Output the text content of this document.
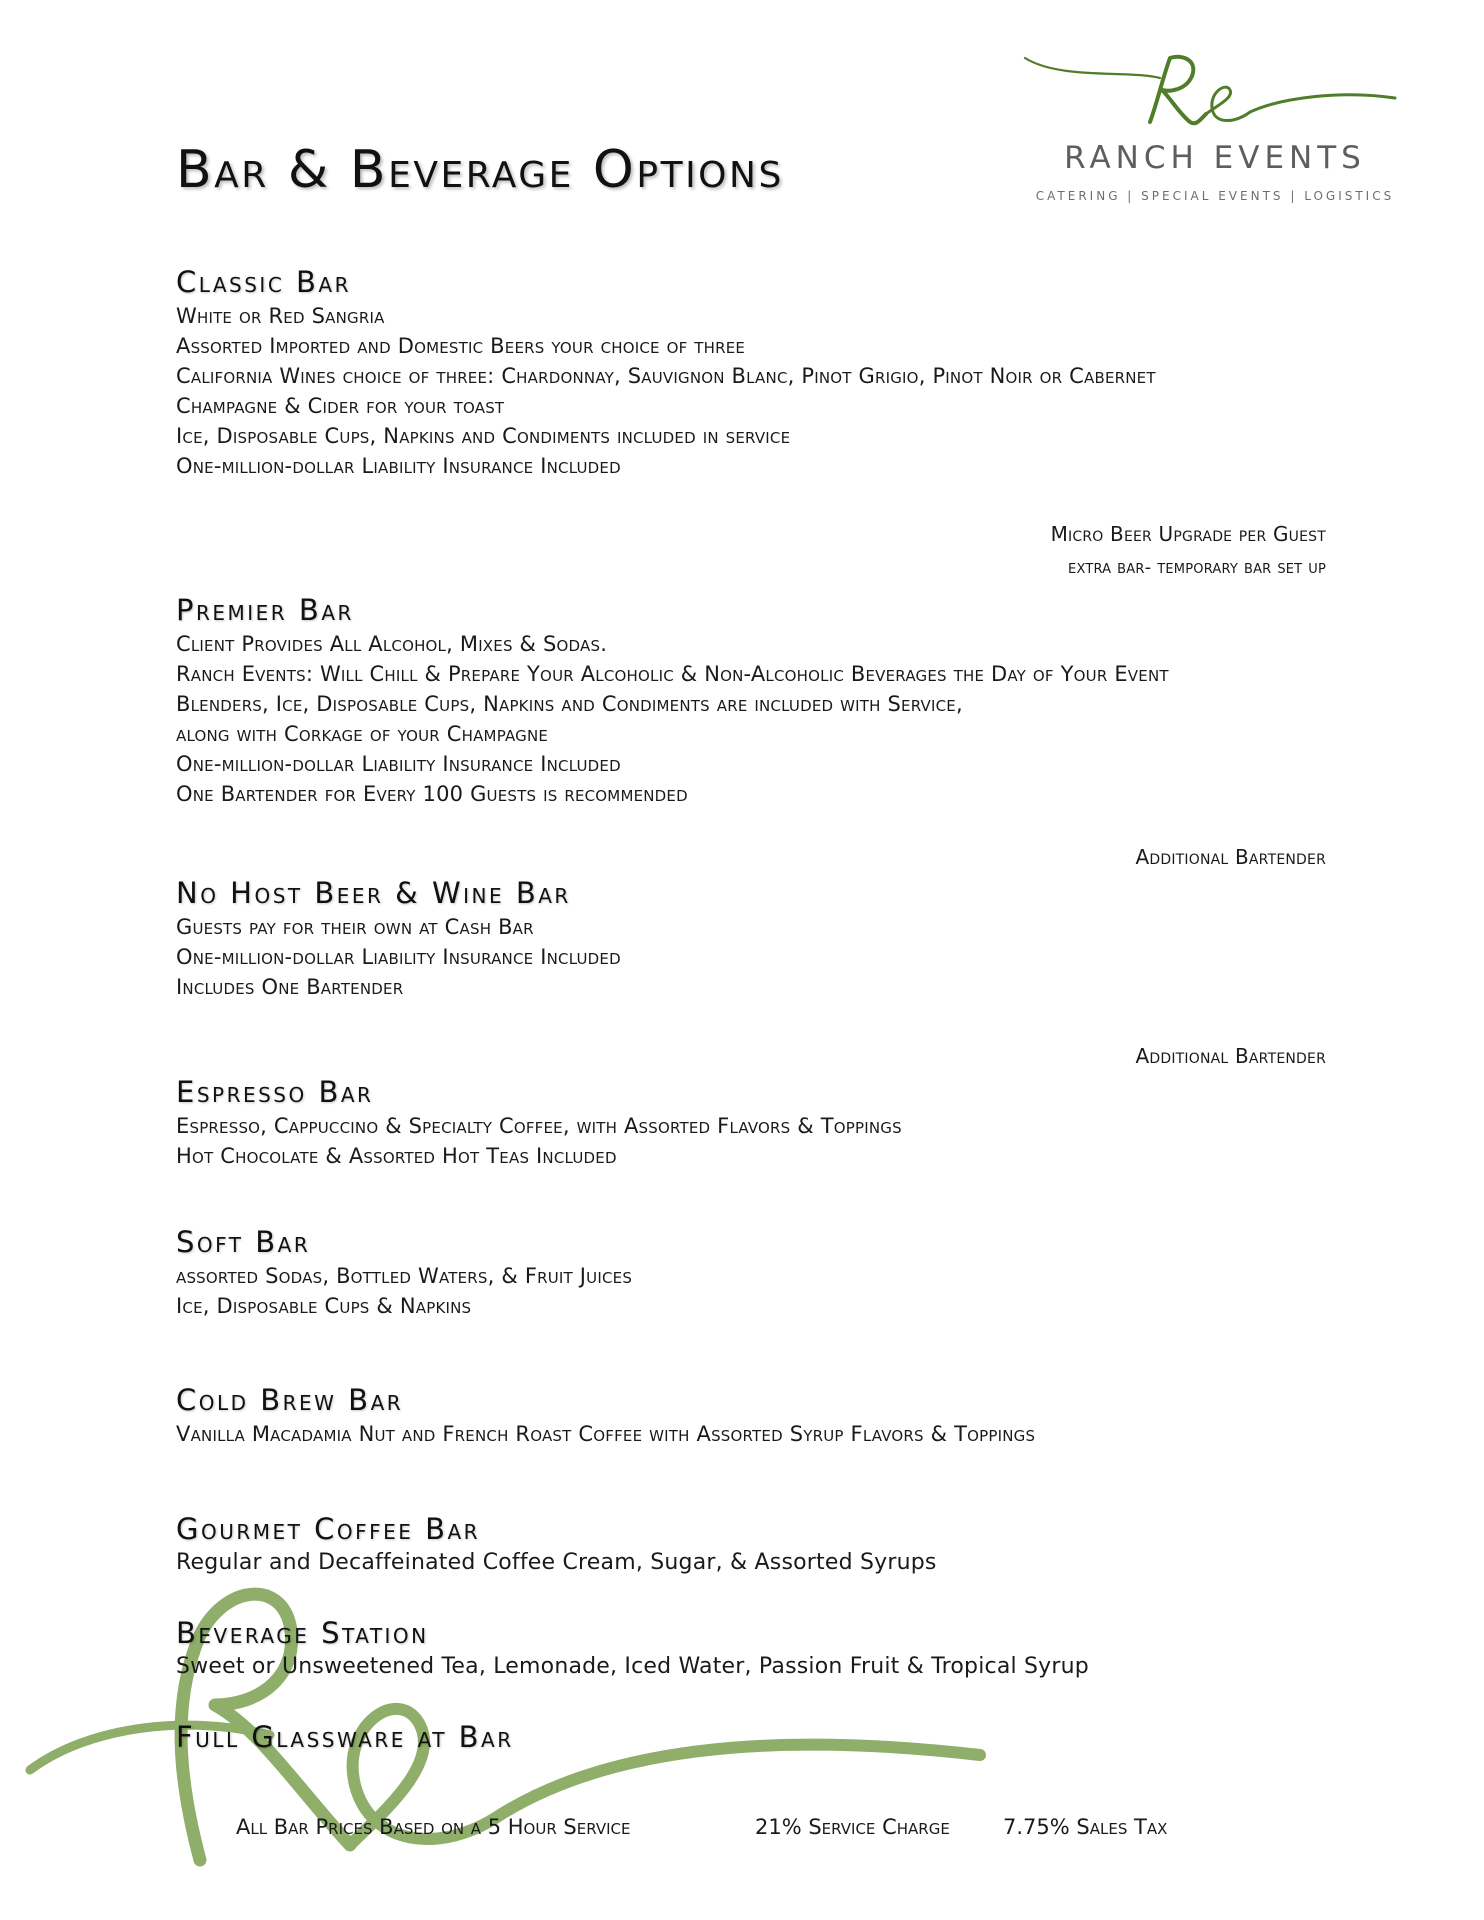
Bar & Beverage Options	RANCH EVENTS
CATERING | SPECIAL EVENTS | LOGISTICS
Classic Bar
White or Red Sangria
Assorted Imported and Domestic Beers your choice of three
California Wines choice of three: Chardonnay, Sauvignon Blanc, Pinot Grigio, Pinot Noir or Cabernet
Champagne & Cider for your toast
Ice, Disposable Cups, Napkins and Condiments included in service
One-million-dollar Liability Insurance Included
Micro Beer Upgrade per Guest
extra bar- temporary bar set up
Premier Bar
Client Provides All Alcohol, Mixes & Sodas.
Ranch Events: Will Chill & Prepare Your Alcoholic & Non-Alcoholic Beverages the Day of Your Event
Blenders, Ice, Disposable Cups, Napkins and Condiments are included with Service,
along with Corkage of your Champagne
One-million-dollar Liability Insurance Included
One Bartender for Every 100 Guests is recommended
Additional Bartender
No Host Beer & Wine Bar
Guests pay for their own at Cash Bar
One-million-dollar Liability Insurance Included
Includes One Bartender
Additional Bartender
Espresso Bar
Espresso, Cappuccino & Specialty Coffee, with Assorted Flavors & Toppings
Hot Chocolate & Assorted Hot Teas Included
Soft Bar
assorted Sodas, Bottled Waters, & Fruit Juices
Ice, Disposable Cups & Napkins
Cold Brew Bar
Vanilla Macadamia Nut and French Roast Coffee with Assorted Syrup Flavors & Toppings
Gourmet Coffee Bar
Regular and Decaffeinated Coffee Cream, Sugar, & Assorted Syrups
Beverage Station
Sweet or Unsweetened Tea, Lemonade, Iced Water, Passion Fruit & Tropical Syrup
Full Glassware at Bar
All Bar Prices Based on a 5 Hour Service	21% Service Charge	7.75% Sales Tax
